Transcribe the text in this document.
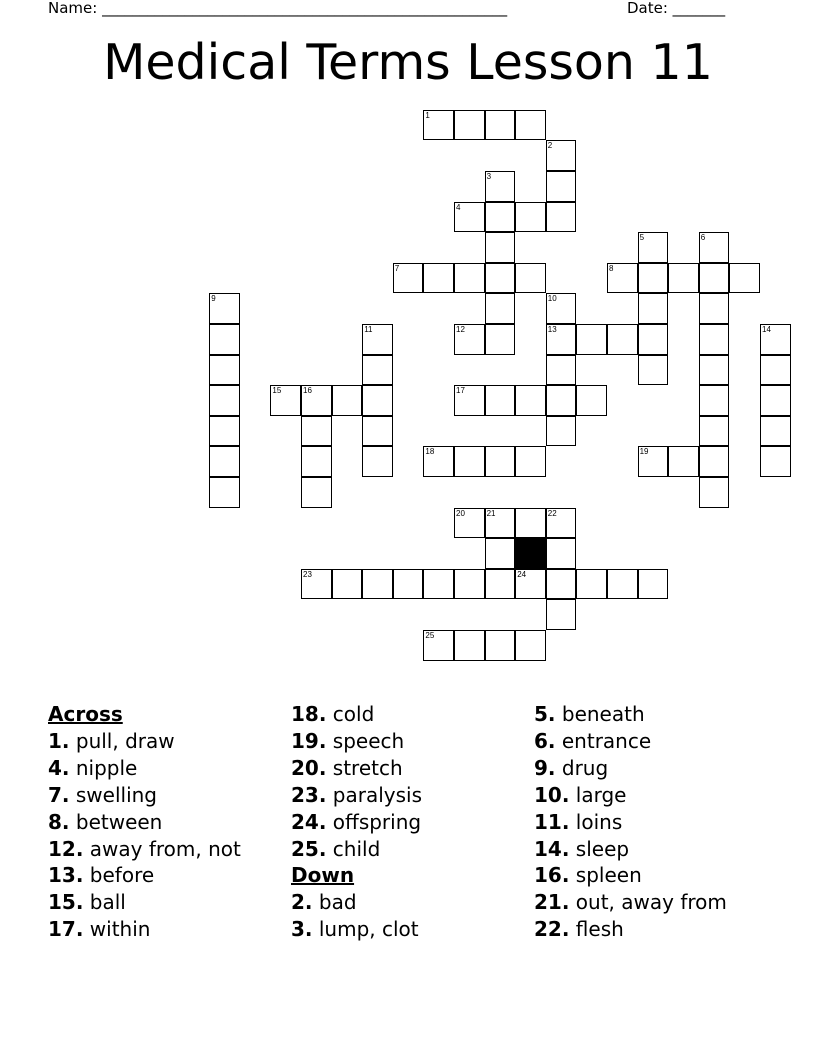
Name: ______________________________________________________	Date: _______
Medical Terms Lesson 11
1
2
3
4
5	6
7	8
9	10
11	12	13	14
15	16	17
18	19
20	21	22
23	24
25
Across
1. pull, draw
4. nipple
7. swelling
8. between
12. away from, not
13. before
15. ball
17. within
18. cold
19. speech
20. stretch
23. paralysis
24. offspring
25. child
Down
2. bad
3. lump, clot
5. beneath
6. entrance
9. drug
10. large
11. loins
14. sleep
16. spleen
21. out, away from
22. flesh
